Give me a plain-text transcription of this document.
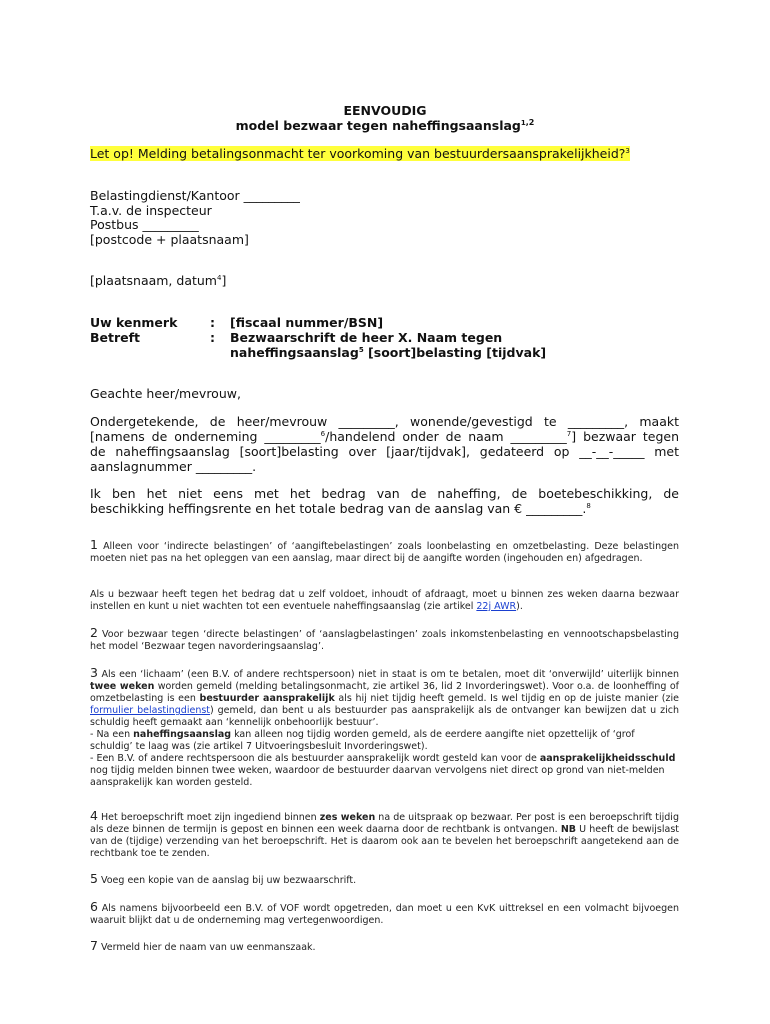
EENVOUDIG
model bezwaar tegen naheffingsaanslag$^{1,2}$
Let op! Melding betalingsonmacht ter voorkoming van bestuurdersaansprakelijkheid?$^3$
Belastingdienst/Kantoor _________
T.a.v. de inspecteur
Postbus _________
[postcode + plaatsnaam]
[plaatsnaam, datum$^4$]
Uw kenmerk	: [fiscaal nummer/BSN]
Betreft	: Bezwaarschrift de heer X. Naam tegen
naheffingsaanslag$^5$ [soort]belasting [tijdvak]
Geachte heer/mevrouw,
Ondergetekende, de heer/mevrouw _________, wonende/gevestigd te _________, maakt
[namens de onderneming _________$^6$/handelend onder de naam _________$^7$] bezwaar tegen
de naheffingsaanslag [soort]belasting over [jaar/tijdvak], gedateerd op __-__-_____ met
aanslagnummer _________.
Ik ben het niet eens met het bedrag van de naheffing, de boetebeschikking, de
beschikking heffingsrente en het totale bedrag van de aanslag van € _________.$^8$
1 Alleen voor ‘indirecte belastingen’ of ‘aangiftebelastingen’ zoals loonbelasting en omzetbelasting. Deze belastingen moeten niet pas na het opleggen van een aanslag, maar direct bij de aangifte worden (ingehouden en) afgedragen.
Als u bezwaar heeft tegen het bedrag dat u zelf voldoet, inhoudt of afdraagt, moet u binnen zes weken daarna bezwaar instellen en kunt u niet wachten tot een eventuele naheffingsaanslag (zie artikel 22j AWR).
2 Voor bezwaar tegen ‘directe belastingen’ of ‘aanslagbelastingen’ zoals inkomstenbelasting en vennootschapsbelasting het model ‘Bezwaar tegen navorderingsaanslag’.
3 Als een ‘lichaam’ (een B.V. of andere rechtspersoon) niet in staat is om te betalen, moet dit ‘onverwijld’ uiterlijk binnen twee weken worden gemeld (melding betalingsonmacht, zie artikel 36, lid 2 Invorderingswet). Voor o.a. de loonheffing of omzetbelasting is een bestuurder aansprakelijk als hij niet tijdig heeft gemeld. Is wel tijdig en op de juiste manier (zie formulier belastingdienst) gemeld, dan bent u als bestuurder pas aansprakelijk als de ontvanger kan bewijzen dat u zich schuldig heeft gemaakt aan ‘kennelijk onbehoorlijk bestuur’.
- Na een naheffingsaanslag kan alleen nog tijdig worden gemeld, als de eerdere aangifte niet opzettelijk of ‘grof schuldig’ te laag was (zie artikel 7 Uitvoeringsbesluit Invorderingswet).
- Een B.V. of andere rechtspersoon die als bestuurder aansprakelijk wordt gesteld kan voor de aansprakelijkheidsschuld nog tijdig melden binnen twee weken, waardoor de bestuurder daarvan vervolgens niet direct op grond van niet-melden aansprakelijk kan worden gesteld.
4 Het beroepschrift moet zijn ingediend binnen zes weken na de uitspraak op bezwaar. Per post is een beroepschrift tijdig als deze binnen de termijn is gepost en binnen een week daarna door de rechtbank is ontvangen. NB U heeft de bewijslast van de (tijdige) verzending van het beroepschrift. Het is daarom ook aan te bevelen het beroepschrift aangetekend aan de rechtbank toe te zenden.
5 Voeg een kopie van de aanslag bij uw bezwaarschrift.
6 Als namens bijvoorbeeld een B.V. of VOF wordt opgetreden, dan moet u een KvK uittreksel en een volmacht bijvoegen waaruit blijkt dat u de onderneming mag vertegenwoordigen.
7 Vermeld hier de naam van uw eenmanszaak.
